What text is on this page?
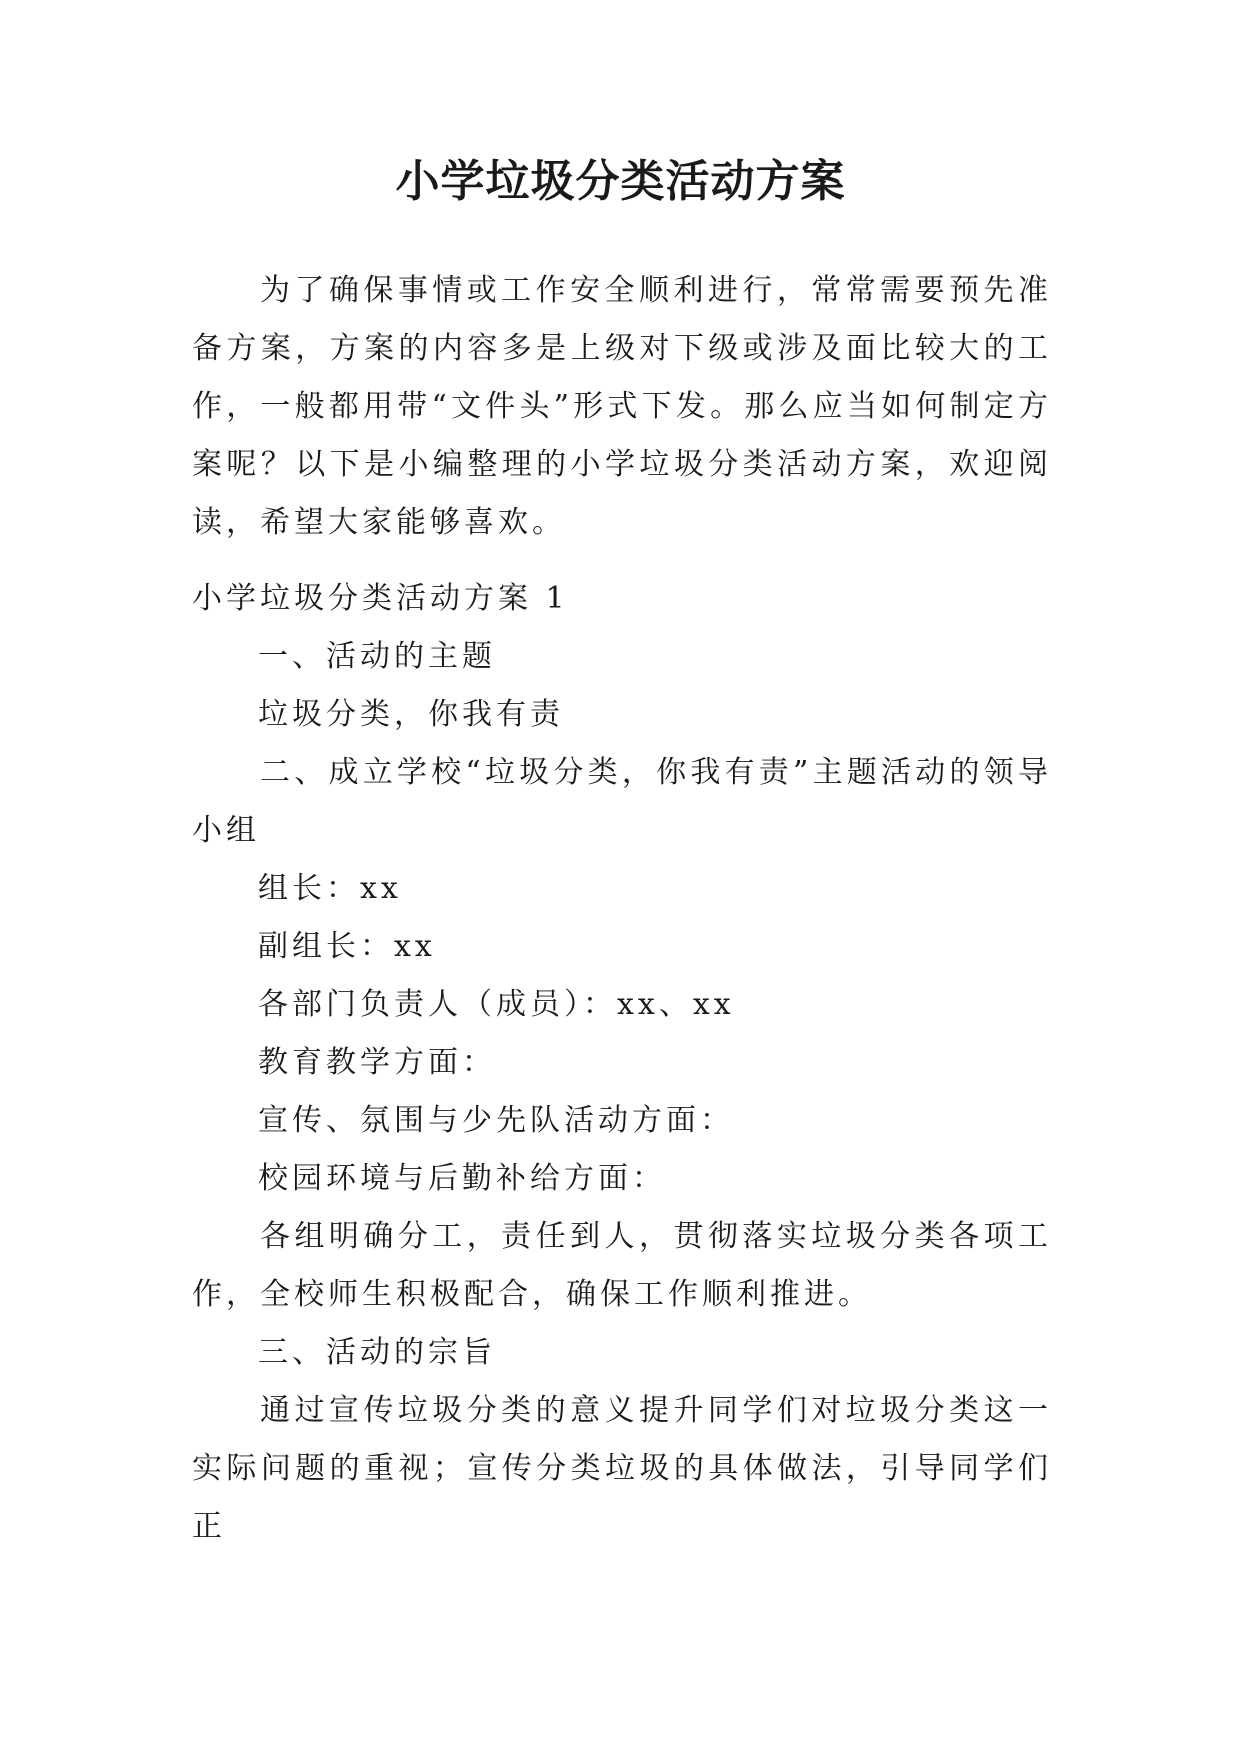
小学垃圾分类活动方案

为了确保事情或工作安全顺利进行，常常需要预先准备方案，方案的内容多是上级对下级或涉及面比较大的工作，一般都用带“文件头”形式下发。那么应当如何制定方案呢？以下是小编整理的小学垃圾分类活动方案，欢迎阅读，希望大家能够喜欢。

小学垃圾分类活动方案 1

一、活动的主题

垃圾分类，你我有责

二、成立学校“垃圾分类，你我有责”主题活动的领导小组

组长：xx

副组长：xx

各部门负责人（成员）：xx、xx

教育教学方面：

宣传、氛围与少先队活动方面：

校园环境与后勤补给方面：

各组明确分工，责任到人，贯彻落实垃圾分类各项工作，全校师生积极配合，确保工作顺利推进。

三、活动的宗旨

通过宣传垃圾分类的意义提升同学们对垃圾分类这一实际问题的重视；宣传分类垃圾的具体做法，引导同学们正
